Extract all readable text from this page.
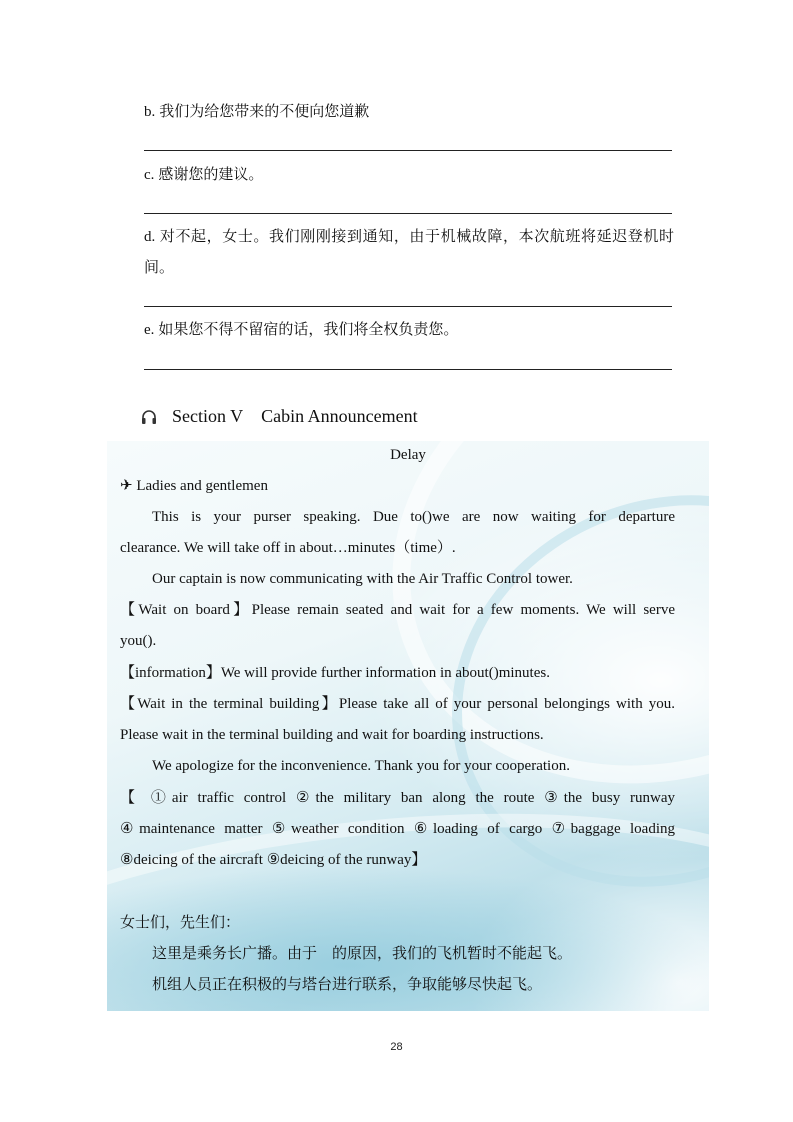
b. 我们为给您带来的不便向您道歉
c. 感谢您的建议。
d. 对不起，女士。我们刚刚接到通知，由于机械故障，本次航班将延迟登机时间。
e. 如果您不得不留宿的话，我们将全权负责您。
Section V Cabin Announcement
Delay
✈ Ladies and gentlemen
This is your purser speaking. Due to()we are now waiting for departure
clearance. We will take off in about…minutes（time）.
Our captain is now communicating with the Air Traffic Control tower.
【Wait on board】Please remain seated and wait for a few moments. We will serve
you().
【information】We will provide further information in about()minutes.
【Wait in the terminal building】Please take all of your personal belongings with you.
Please wait in the terminal building and wait for boarding instructions.
We apologize for the inconvenience. Thank you for your cooperation.
【 ①air traffic control ②the military ban along the route ③the busy runway
④maintenance matter ⑤weather condition ⑥loading of cargo ⑦baggage loading
⑧deicing of the aircraft ⑨deicing of the runway】
女士们，先生们：
这里是乘务长广播。由于　的原因，我们的飞机暂时不能起飞。
机组人员正在积极的与塔台进行联系，争取能够尽快起飞。
28
